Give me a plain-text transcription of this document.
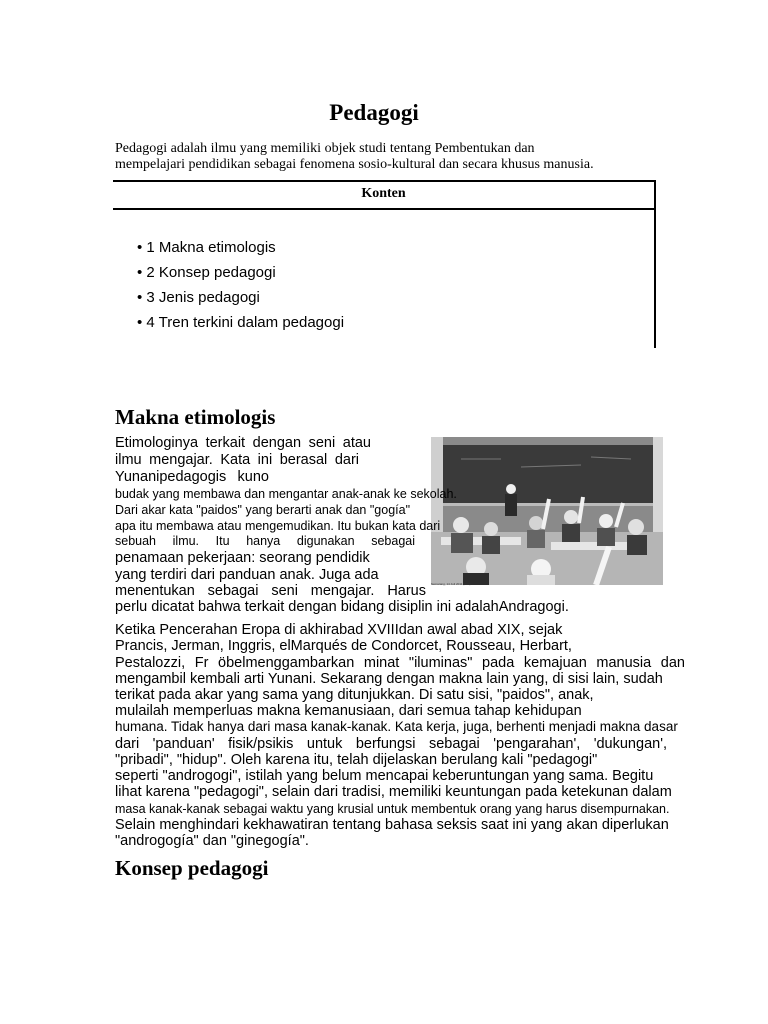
Pedagogi
Pedagogi adalah ilmu yang memiliki objek studi tentang Pembentukan dan
mempelajari pendidikan sebagai fenomena sosio-kultural dan secara khusus manusia.
Konten
• 1 Makna etimologis
• 2 Konsep pedagogi
• 3 Jenis pedagogi
• 4 Tren terkini dalam pedagogi
Makna etimologis
Semarang, 14 Juli 2011 (Dok)
Etimologinya terkait dengan seni atau
ilmu mengajar. Kata ini berasal dari
Yunanipedagogis kuno
budak yang membawa dan mengantar anak-anak ke sekolah.
Dari akar kata "paidos" yang berarti anak dan "gogía"
apa itu membawa atau mengemudikan. Itu bukan kata dari
sebuah ilmu. Itu hanya digunakan sebagai
penamaan pekerjaan: seorang pendidik
yang terdiri dari panduan anak. Juga ada
menentukan sebagai seni mengajar. Harus
perlu dicatat bahwa terkait dengan bidang disiplin ini adalahAndragogi.
Ketika Pencerahan Eropa di akhirabad XVIIIdan awal abad XIX, sejak
Prancis, Jerman, Inggris, elMarqués de Condorcet, Rousseau, Herbart,
Pestalozzi, Fr öbelmenggambarkan minat "iluminas" pada kemajuan manusia dan
mengambil kembali arti Yunani. Sekarang dengan makna lain yang, di sisi lain, sudah
terikat pada akar yang sama yang ditunjukkan. Di satu sisi, "paidos", anak,
mulailah memperluas makna kemanusiaan, dari semua tahap kehidupan
humana. Tidak hanya dari masa kanak-kanak. Kata kerja, juga, berhenti menjadi makna dasar
dari 'panduan' fisik/psikis untuk berfungsi sebagai 'pengarahan', 'dukungan',
"pribadi", "hidup". Oleh karena itu, telah dijelaskan berulang kali "pedagogi"
seperti "androgogi", istilah yang belum mencapai keberuntungan yang sama. Begitu
lihat karena "pedagogi", selain dari tradisi, memiliki keuntungan pada ketekunan dalam
masa kanak-kanak sebagai waktu yang krusial untuk membentuk orang yang harus disempurnakan.
Selain menghindari kekhawatiran tentang bahasa seksis saat ini yang akan diperlukan
"androgogía" dan "ginegogía".
Konsep pedagogi
